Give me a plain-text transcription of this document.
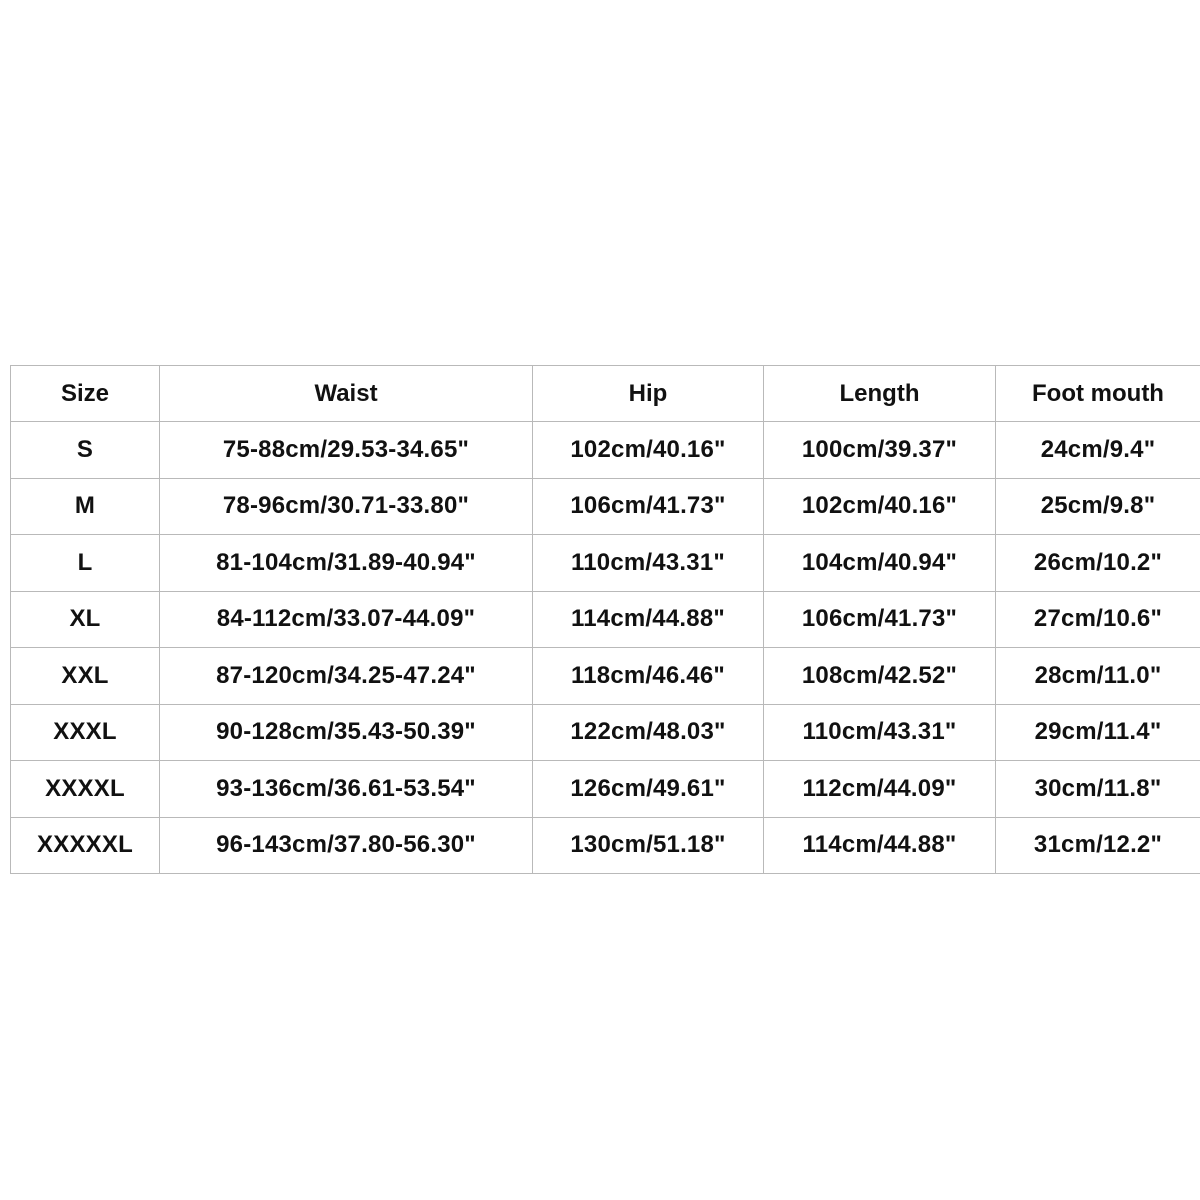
Size	Waist	Hip	Length	Foot mouth
S	75-88cm/29.53-34.65"	102cm/40.16"	100cm/39.37"	24cm/9.4"
M	78-96cm/30.71-33.80"	106cm/41.73"	102cm/40.16"	25cm/9.8"
L	81-104cm/31.89-40.94"	110cm/43.31"	104cm/40.94"	26cm/10.2"
XL	84-112cm/33.07-44.09"	114cm/44.88"	106cm/41.73"	27cm/10.6"
XXL	87-120cm/34.25-47.24"	118cm/46.46"	108cm/42.52"	28cm/11.0"
XXXL	90-128cm/35.43-50.39"	122cm/48.03"	110cm/43.31"	29cm/11.4"
XXXXL	93-136cm/36.61-53.54"	126cm/49.61"	112cm/44.09"	30cm/11.8"
XXXXXL	96-143cm/37.80-56.30"	130cm/51.18"	114cm/44.88"	31cm/12.2"
